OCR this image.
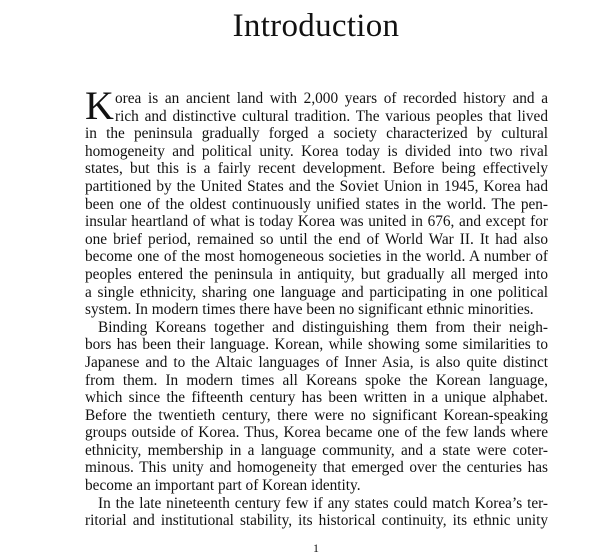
Introduction
K orea is an ancient land with 2,000 years of recorded history and a
rich and distinctive cultural tradition. The various peoples that lived
in the peninsula gradually forged a society characterized by cultural
homogeneity and political unity. Korea today is divided into two rival
states, but this is a fairly recent development. Before being effectively
partitioned by the United States and the Soviet Union in 1945, Korea had
been one of the oldest continuously unified states in the world. The pen-
insular heartland of what is today Korea was united in 676, and except for
one brief period, remained so until the end of World War II. It had also
become one of the most homogeneous societies in the world. A number of
peoples entered the peninsula in antiquity, but gradually all merged into
a single ethnicity, sharing one language and participating in one political
system. In modern times there have been no significant ethnic minorities.
Binding Koreans together and distinguishing them from their neigh-
bors has been their language. Korean, while showing some similarities to
Japanese and to the Altaic languages of Inner Asia, is also quite distinct
from them. In modern times all Koreans spoke the Korean language,
which since the fifteenth century has been written in a unique alphabet.
Before the twentieth century, there were no significant Korean-speaking
groups outside of Korea. Thus, Korea became one of the few lands where
ethnicity, membership in a language community, and a state were coter-
minous. This unity and homogeneity that emerged over the centuries has
become an important part of Korean identity.
In the late nineteenth century few if any states could match Korea’s ter-
ritorial and institutional stability, its historical continuity, its ethnic unity
1
